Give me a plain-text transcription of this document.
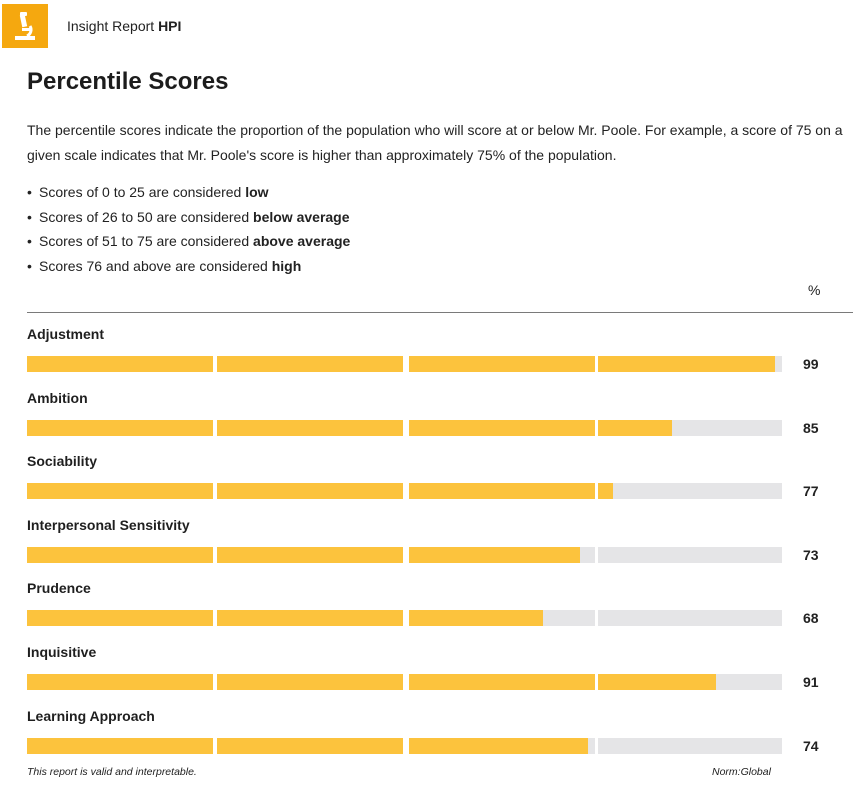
Insight Report HPI
Percentile Scores

The percentile scores indicate the proportion of the population who will score at or below Mr. Poole. For example, a score of 75 on a given scale indicates that Mr. Poole's score is higher than approximately 75% of the population.

• Scores of 0 to 25 are considered low
• Scores of 26 to 50 are considered below average
• Scores of 51 to 75 are considered above average
• Scores 76 and above are considered high
%
Adjustment
99
Ambition
85
Sociability
77
Interpersonal Sensitivity
73
Prudence
68
Inquisitive
91
Learning Approach
74
This report is valid and interpretable.	Norm:Global
